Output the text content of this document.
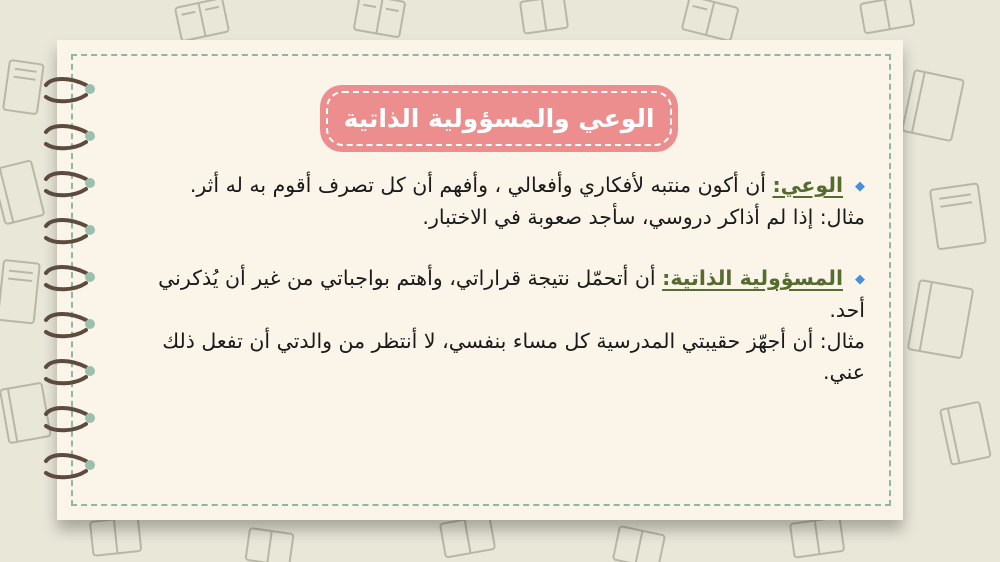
الوعي والمسؤولية الذاتية

◆الوعي: أن أكون منتبه لأفكاري وأفعالي ، وأفهم أن كل تصرف أقوم به له أثر.

مثال: إذا لم أذاكر دروسي، سأجد صعوبة في الاختبار.

◆المسؤولية الذاتية: أن أتحمّل نتيجة قراراتي، وأهتم بواجباتي من غير أن يُذكرني أحد.

مثال: أن أجهّز حقيبتي المدرسية كل مساء بنفسي، لا أنتظر من والدتي أن تفعل ذلك عني.
